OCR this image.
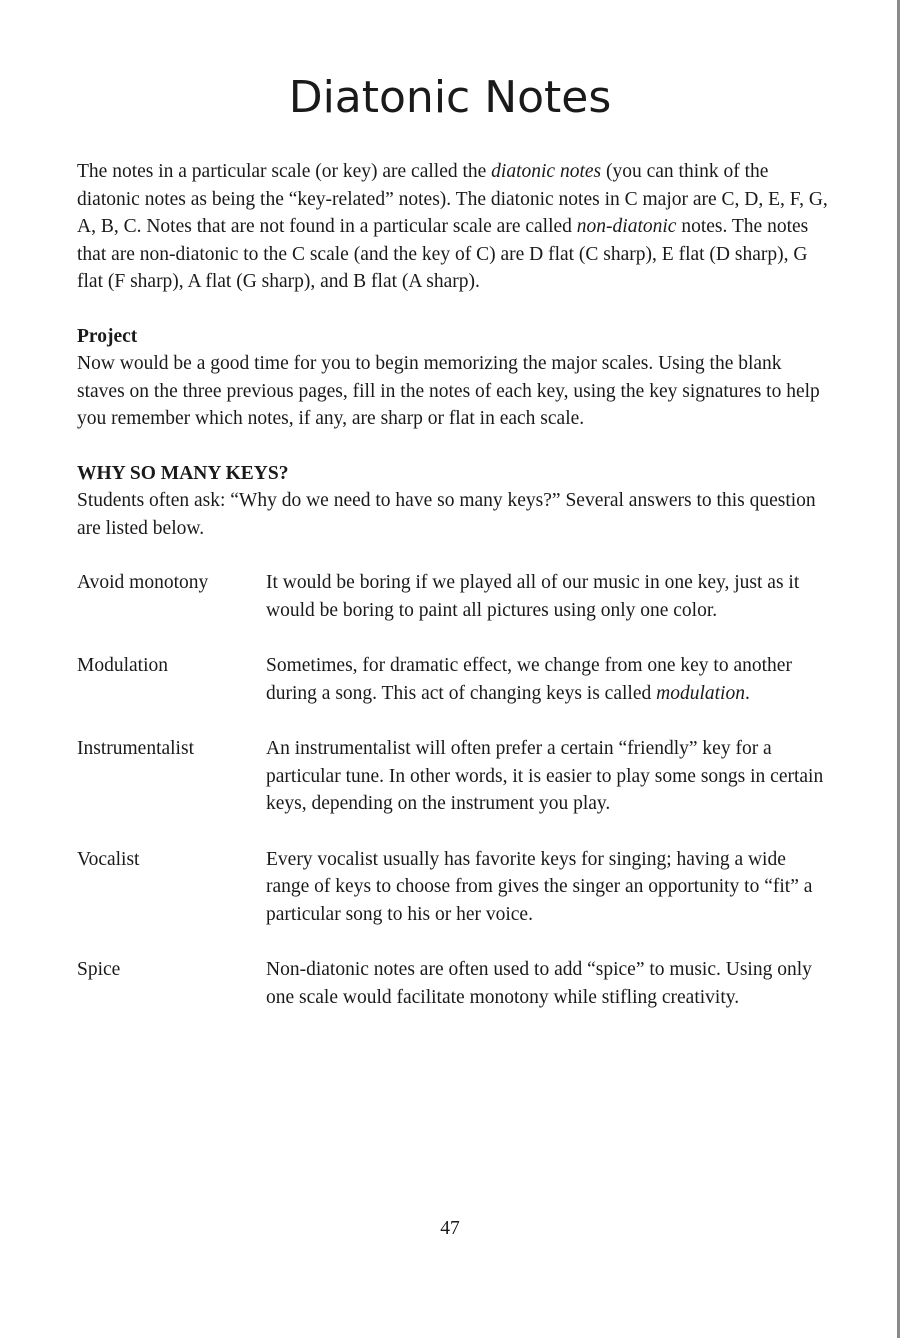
Diatonic Notes

The notes in a particular scale (or key) are called the diatonic notes (you can think of the diatonic notes as being the “key-related” notes). The diatonic notes in C major are C, D, E, F, G, A, B, C. Notes that are not found in a particular scale are called non-diatonic notes. The notes that are non-diatonic to the C scale (and the key of C) are D flat (C sharp), E flat (D sharp), G flat (F sharp), A flat (G sharp), and B flat (A sharp).

Project

Now would be a good time for you to begin memorizing the major scales. Using the blank staves on the three previous pages, fill in the notes of each key, using the key signatures to help you remember which notes, if any, are sharp or flat in each scale.

WHY SO MANY KEYS?

Students often ask: “Why do we need to have so many keys?” Several answers to this question are listed below.

Avoid monotony	It would be boring if we played all of our music in one key, just as it would be boring to paint all pictures using only one color.
Modulation	Sometimes, for dramatic effect, we change from one key to another during a song. This act of changing keys is called modulation.
Instrumentalist	An instrumentalist will often prefer a certain “friendly” key for a particular tune. In other words, it is easier to play some songs in certain keys, depending on the instrument you play.
Vocalist	Every vocalist usually has favorite keys for singing; having a wide range of keys to choose from gives the singer an opportunity to “fit” a particular song to his or her voice.
Spice	Non-diatonic notes are often used to add “spice” to music. Using only one scale would facilitate monotony while stifling creativity.
47
